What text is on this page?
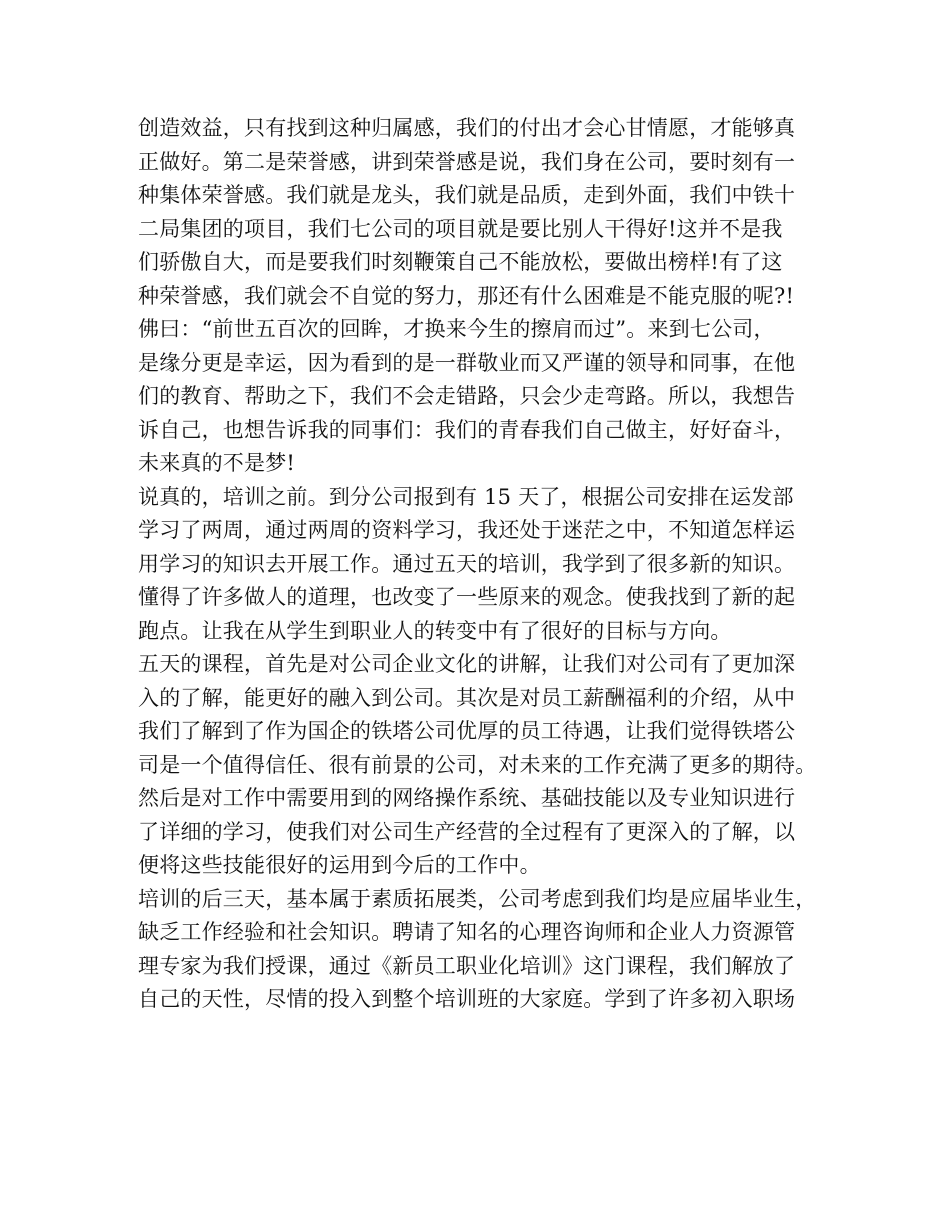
创造效益，只有找到这种归属感，我们的付出才会心甘情愿，才能够真
正做好。第二是荣誉感，讲到荣誉感是说，我们身在公司，要时刻有一
种集体荣誉感。我们就是龙头，我们就是品质，走到外面，我们中铁十
二局集团的项目，我们七公司的项目就是要比别人干得好!这并不是我
们骄傲自大，而是要我们时刻鞭策自己不能放松，要做出榜样!有了这
种荣誉感，我们就会不自觉的努力，那还有什么困难是不能克服的呢?!
佛曰：“前世五百次的回眸，才换来今生的擦肩而过”。来到七公司，
是缘分更是幸运，因为看到的是一群敬业而又严谨的领导和同事，在他
们的教育、帮助之下，我们不会走错路，只会少走弯路。所以，我想告
诉自己，也想告诉我的同事们：我们的青春我们自己做主，好好奋斗，
未来真的不是梦!
说真的，培训之前。到分公司报到有 15 天了，根据公司安排在运发部
学习了两周，通过两周的资料学习，我还处于迷茫之中，不知道怎样运
用学习的知识去开展工作。通过五天的培训，我学到了很多新的知识。
懂得了许多做人的道理，也改变了一些原来的观念。使我找到了新的起
跑点。让我在从学生到职业人的转变中有了很好的目标与方向。
五天的课程，首先是对公司企业文化的讲解，让我们对公司有了更加深
入的了解，能更好的融入到公司。其次是对员工薪酬福利的介绍，从中
我们了解到了作为国企的铁塔公司优厚的员工待遇，让我们觉得铁塔公
司是一个值得信任、很有前景的公司，对未来的工作充满了更多的期待。
然后是对工作中需要用到的网络操作系统、基础技能以及专业知识进行
了详细的学习，使我们对公司生产经营的全过程有了更深入的了解，以
便将这些技能很好的运用到今后的工作中。
培训的后三天，基本属于素质拓展类，公司考虑到我们均是应届毕业生，
缺乏工作经验和社会知识。聘请了知名的心理咨询师和企业人力资源管
理专家为我们授课，通过《新员工职业化培训》这门课程，我们解放了
自己的天性，尽情的投入到整个培训班的大家庭。学到了许多初入职场
